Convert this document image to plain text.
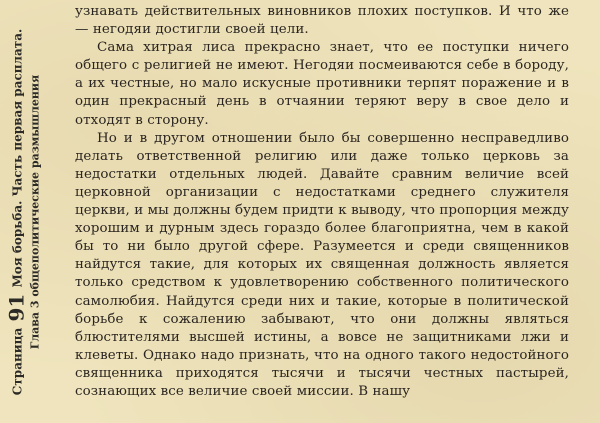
Страница 91 Моя борьба. Часть первая расплата. Глава 3 общеполитические размышления

узнавать действительных виновников плохих поступков. И что же — негодяи достигли своей цели.

Сама хитрая лиса прекрасно знает, что ее поступки ничего общего с религией не имеют. Негодяи посмеиваются себе в бороду, а их честные, но мало искусные противники терпят поражение и в один прекрасный день в отчаянии теряют веру в свое дело и отходят в сторону.

Но и в другом отношении было бы совершенно несправедливо делать ответственной религию или даже только церковь за недостатки отдельных людей. Давайте сравним величие всей церковной организации с недостатками среднего служителя церкви, и мы должны будем придти к выводу, что пропорция между хорошим и дурным здесь гораздо более благоприятна, чем в какой бы то ни было другой сфере. Разумеется и среди священников найдутся такие, для которых их священная должность является только средством к удовлетворению собственного политического самолюбия. Найдутся среди них и такие, которые в политической борьбе к сожалению забывают, что они должны являться блюстителями высшей истины, а вовсе не защитниками лжи и клеветы. Однако надо признать, что на одного такого недостойного священника приходятся тысячи и тысячи честных пастырей, сознающих все величие своей миссии. В нашу
